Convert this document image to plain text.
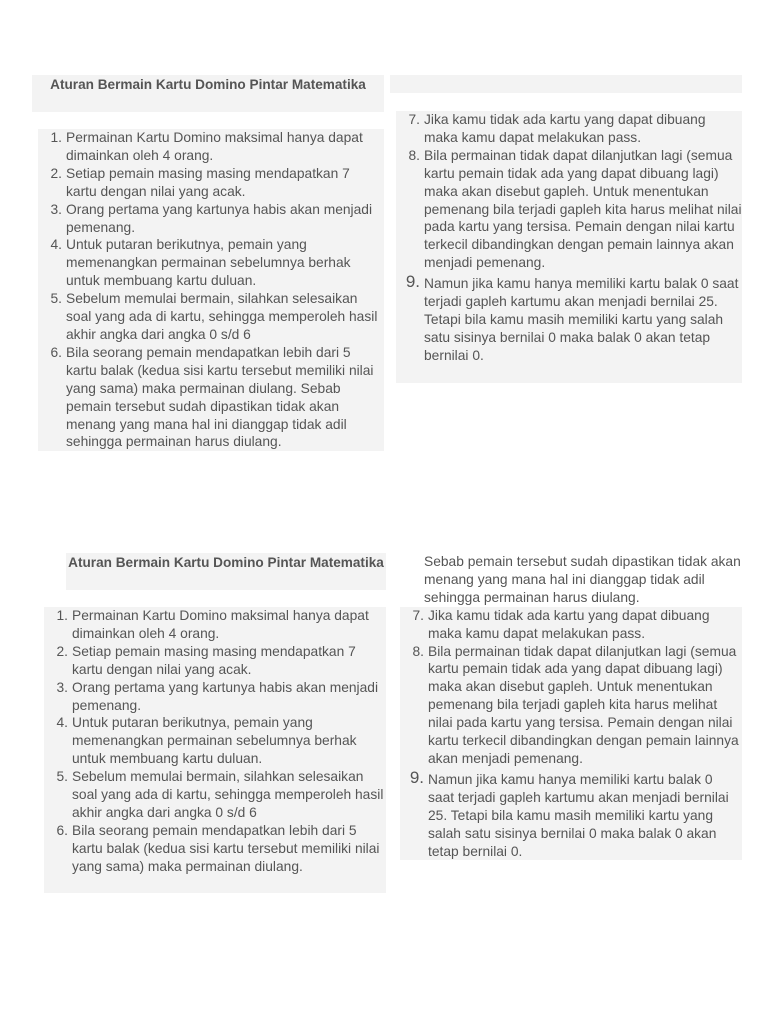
Aturan Bermain Kartu Domino Pintar Matematika
1. Permainan Kartu Domino maksimal hanya dapat dimainkan oleh 4 orang.
2. Setiap pemain masing masing mendapatkan 7 kartu dengan nilai yang acak.
3. Orang pertama yang kartunya habis akan menjadi pemenang.
4. Untuk putaran berikutnya, pemain yang memenangkan permainan sebelumnya berhak untuk membuang kartu duluan.
5. Sebelum memulai bermain, silahkan selesaikan soal yang ada di kartu, sehingga memperoleh hasil akhir angka dari angka 0 s/d 6
6. Bila seorang pemain mendapatkan lebih dari 5 kartu balak (kedua sisi kartu tersebut memiliki nilai yang sama) maka permainan diulang. Sebab pemain tersebut sudah dipastikan tidak akan menang yang mana hal ini dianggap tidak adil sehingga permainan harus diulang.
7. Jika kamu tidak ada kartu yang dapat dibuang maka kamu dapat melakukan pass.
8. Bila permainan tidak dapat dilanjutkan lagi (semua kartu pemain tidak ada yang dapat dibuang lagi) maka akan disebut gapleh. Untuk menentukan pemenang bila terjadi gapleh kita harus melihat nilai pada kartu yang tersisa. Pemain dengan nilai kartu terkecil dibandingkan dengan pemain lainnya akan menjadi pemenang.
9. Namun jika kamu hanya memiliki kartu balak 0 saat terjadi gapleh kartumu akan menjadi bernilai 25. Tetapi bila kamu masih memiliki kartu yang salah satu sisinya bernilai 0 maka balak 0 akan tetap bernilai 0.
Aturan Bermain Kartu Domino Pintar Matematika
1. Permainan Kartu Domino maksimal hanya dapat dimainkan oleh 4 orang.
2. Setiap pemain masing masing mendapatkan 7 kartu dengan nilai yang acak.
3. Orang pertama yang kartunya habis akan menjadi pemenang.
4. Untuk putaran berikutnya, pemain yang memenangkan permainan sebelumnya berhak untuk membuang kartu duluan.
5. Sebelum memulai bermain, silahkan selesaikan soal yang ada di kartu, sehingga memperoleh hasil akhir angka dari angka 0 s/d 6
6. Bila seorang pemain mendapatkan lebih dari 5 kartu balak (kedua sisi kartu tersebut memiliki nilai yang sama) maka permainan diulang.
Sebab pemain tersebut sudah dipastikan tidak akan menang yang mana hal ini dianggap tidak adil sehingga permainan harus diulang.
7. Jika kamu tidak ada kartu yang dapat dibuang maka kamu dapat melakukan pass.
8. Bila permainan tidak dapat dilanjutkan lagi (semua kartu pemain tidak ada yang dapat dibuang lagi) maka akan disebut gapleh. Untuk menentukan pemenang bila terjadi gapleh kita harus melihat nilai pada kartu yang tersisa. Pemain dengan nilai kartu terkecil dibandingkan dengan pemain lainnya akan menjadi pemenang.
9. Namun jika kamu hanya memiliki kartu balak 0 saat terjadi gapleh kartumu akan menjadi bernilai 25. Tetapi bila kamu masih memiliki kartu yang salah satu sisinya bernilai 0 maka balak 0 akan tetap bernilai 0.
